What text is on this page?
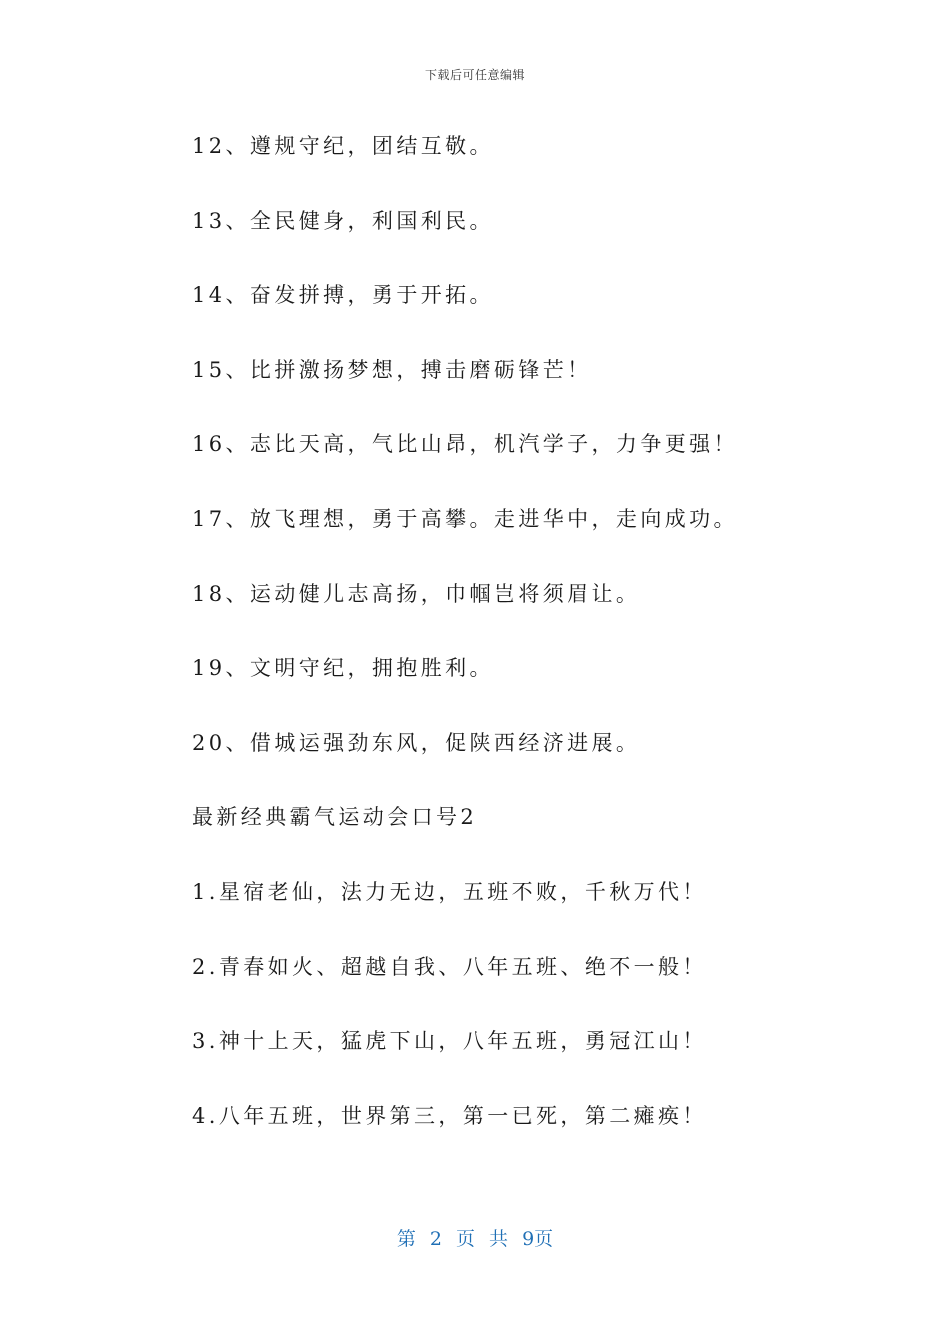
下载后可任意编辑
12、遵规守纪，团结互敬。
13、全民健身，利国利民。
14、奋发拼搏，勇于开拓。
15、比拼激扬梦想，搏击磨砺锋芒！
16、志比天高，气比山昂，机汽学子，力争更强！
17、放飞理想，勇于高攀。走进华中，走向成功。
18、运动健儿志高扬，巾帼岂将须眉让。
19、文明守纪，拥抱胜利。
20、借城运强劲东风，促陕西经济进展。
最新经典霸气运动会口号2
1.星宿老仙，法力无边，五班不败，千秋万代！
2.青春如火、超越自我、八年五班、绝不一般！
3.神十上天，猛虎下山，八年五班，勇冠江山！
4.八年五班，世界第三，第一已死，第二瘫痪！
第 2 页 共 9页
